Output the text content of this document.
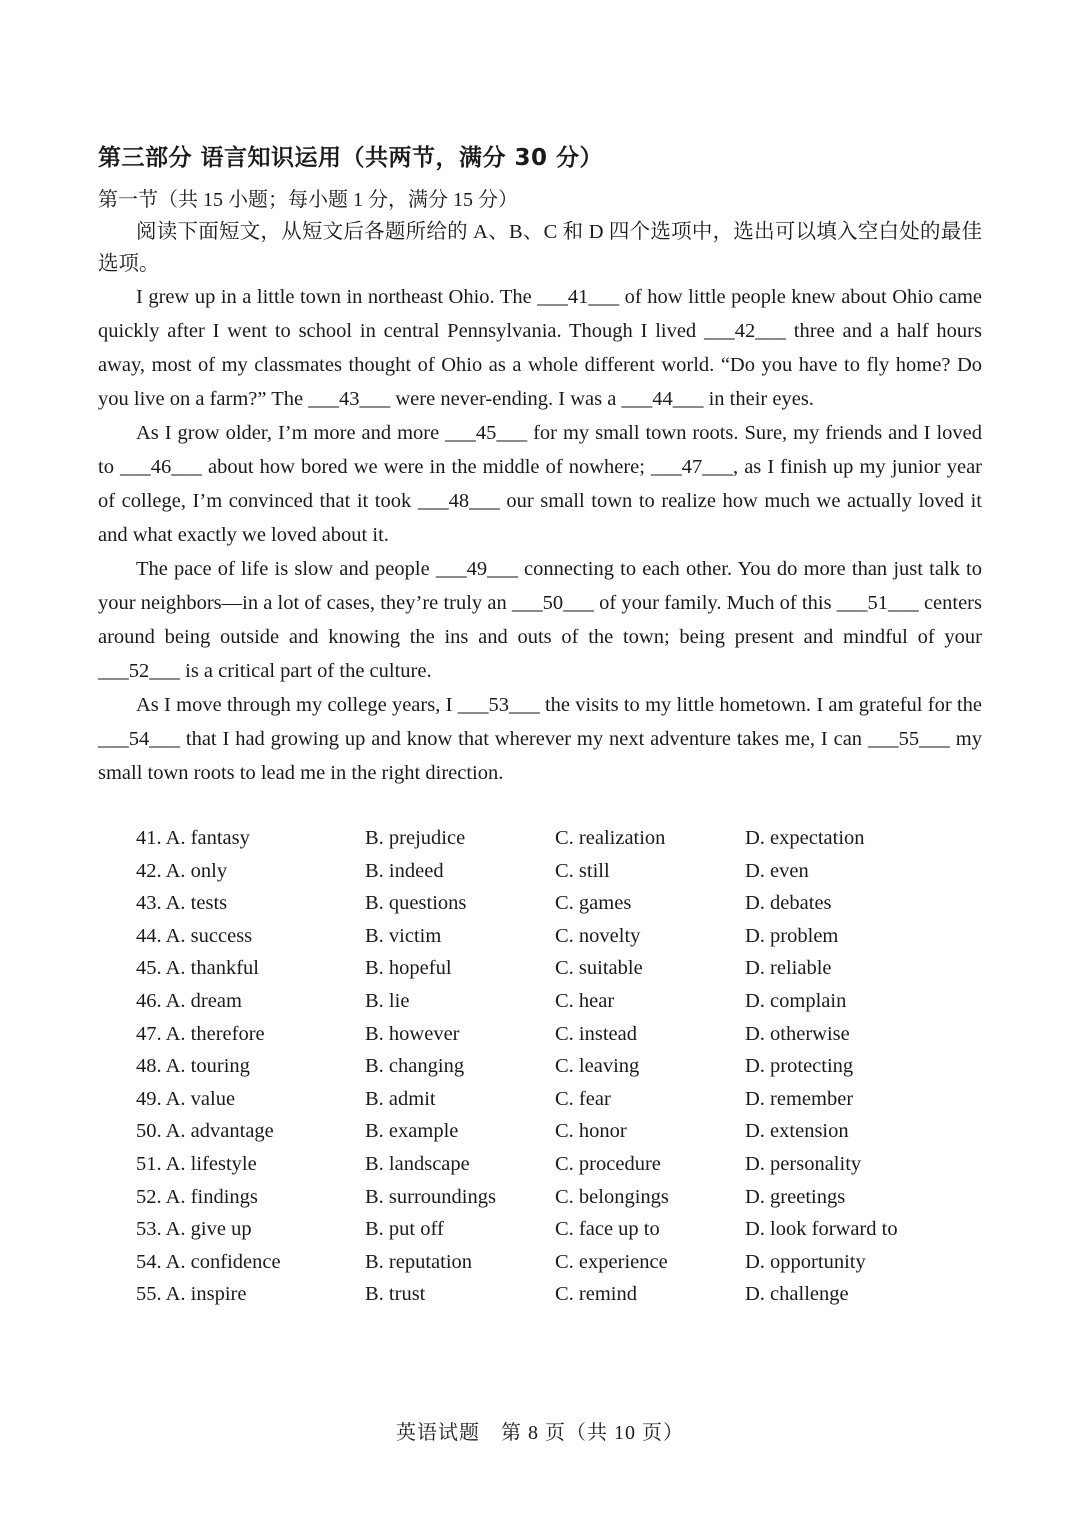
第三部分 语言知识运用（共两节，满分 30 分）

第一节（共 15 小题；每小题 1 分，满分 15 分）

阅读下面短文，从短文后各题所给的 A、B、C 和 D 四个选项中，选出可以填入空白处的最佳选项。

I grew up in a little town in northeast Ohio. The ___41___ of how little people knew about Ohio came quickly after I went to school in central Pennsylvania. Though I lived ___42___ three and a half hours away, most of my classmates thought of Ohio as a whole different world. “Do you have to fly home? Do you live on a farm?” The ___43___ were never-ending. I was a ___44___ in their eyes.

As I grow older, I’m more and more ___45___ for my small town roots. Sure, my friends and I loved to ___46___ about how bored we were in the middle of nowhere; ___47___, as I finish up my junior year of college, I’m convinced that it took ___48___ our small town to realize how much we actually loved it and what exactly we loved about it.

The pace of life is slow and people ___49___ connecting to each other. You do more than just talk to your neighbors—in a lot of cases, they’re truly an ___50___ of your family. Much of this ___51___ centers around being outside and knowing the ins and outs of the town; being present and mindful of your ___52___ is a critical part of the culture.

As I move through my college years, I ___53___ the visits to my little hometown. I am grateful for the ___54___ that I had growing up and know that wherever my next adventure takes me, I can ___55___ my small town roots to lead me in the right direction.

41. A. fantasy	B. prejudice	C. realization	D. expectation
42. A. only	B. indeed	C. still	D. even
43. A. tests	B. questions	C. games	D. debates
44. A. success	B. victim	C. novelty	D. problem
45. A. thankful	B. hopeful	C. suitable	D. reliable
46. A. dream	B. lie	C. hear	D. complain
47. A. therefore	B. however	C. instead	D. otherwise
48. A. touring	B. changing	C. leaving	D. protecting
49. A. value	B. admit	C. fear	D. remember
50. A. advantage	B. example	C. honor	D. extension
51. A. lifestyle	B. landscape	C. procedure	D. personality
52. A. findings	B. surroundings	C. belongings	D. greetings
53. A. give up	B. put off	C. face up to	D. look forward to
54. A. confidence	B. reputation	C. experience	D. opportunity
55. A. inspire	B. trust	C. remind	D. challenge
英语试题　第 8 页（共 10 页）
